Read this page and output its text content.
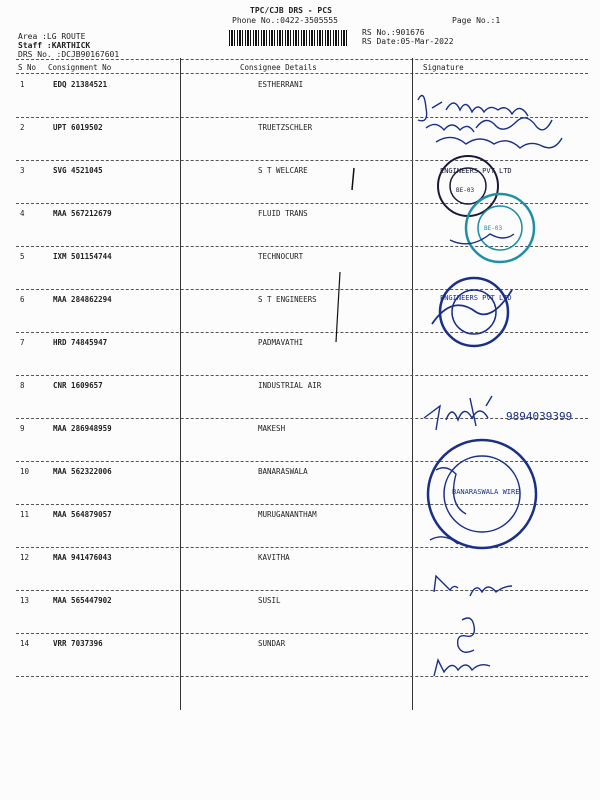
TPC/CJB DRS - PCS
Phone No.:0422-3505555	Page No.:1
Area :LG ROUTE
Staff :KARTHICK
DRS No. :DCJB90167601
RS No.:901676
RS Date:05-Mar-2022
S No Consignment No	Consignee Details	Signature
1	EDQ 21384521	ESTHERRANI
2	UPT 6019502	TRUETZSCHLER
3	SVG 4521045	S T WELCARE
4	MAA 567212679	FLUID TRANS
5	IXM 501154744	TECHNOCURT
6	MAA 284862294	S T ENGINEERS
7	HRD 74845947	PADMAVATHI
8	CNR 1609657	INDUSTRIAL AIR
9	MAA 286948959	MAKESH
10	MAA 562322006	BANARASWALA
11	MAA 564879057	MURUGANANTHAM
12	MAA 941476043	KAVITHA
13	MAA 565447902	SUSIL
14	VRR 7037396	SUNDAR
ENGINEERS PVT LTD
BE-03
BE-03
ENGINEERS PVT LTD
BANARASWALA WIRE
9894039399
